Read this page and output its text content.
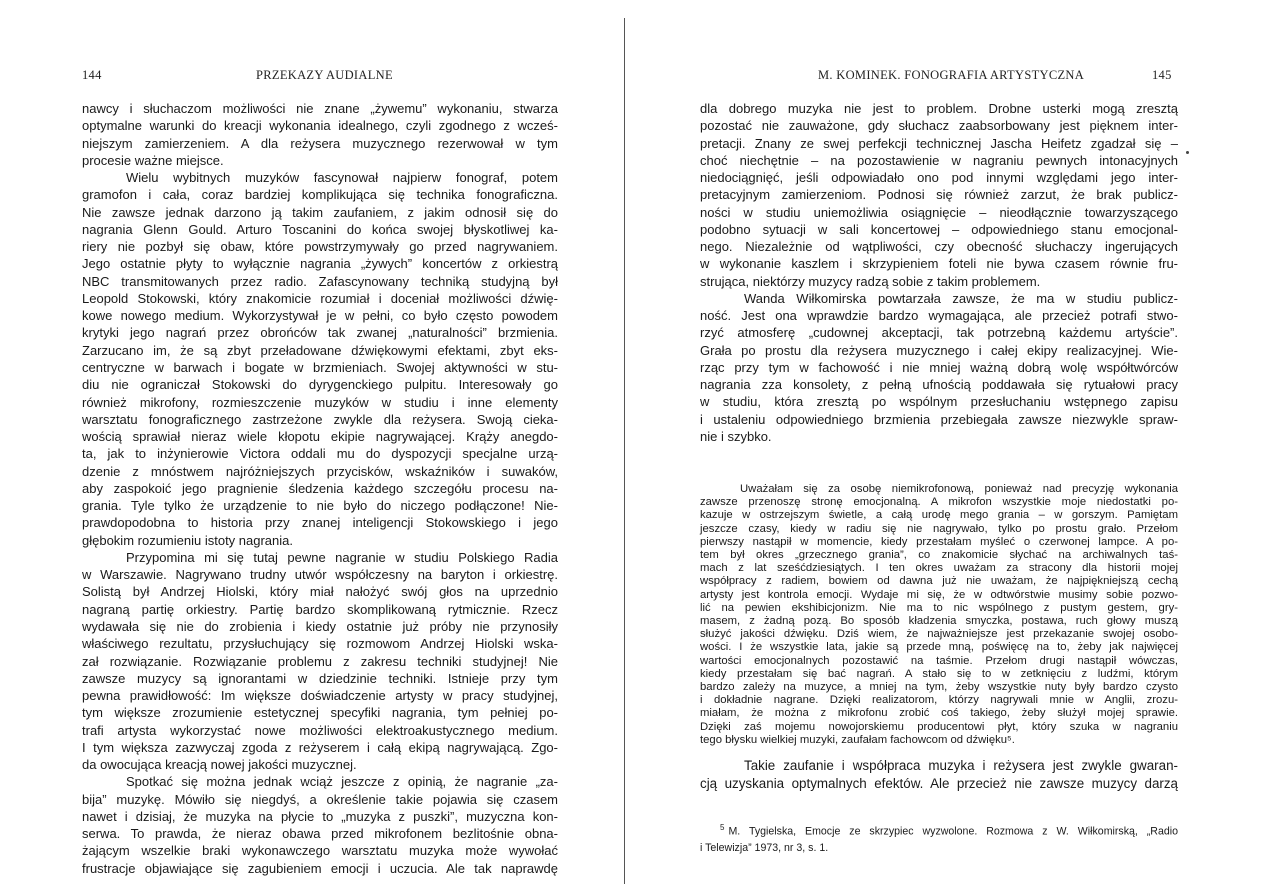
144	PRZEKAZY AUDIALNE	M. KOMINEK. FONOGRAFIA ARTYSTYCZNA	145
nawcy i słuchaczom możliwości nie znane „żywemu” wykonaniu, stwarza
optymalne warunki do kreacji wykonania idealnego, czyli zgodnego z wcześ-
niejszym zamierzeniem. A dla reżysera muzycznego rezerwował w tym
procesie ważne miejsce.
Wielu wybitnych muzyków fascynował najpierw fonograf, potem
gramofon i cała, coraz bardziej komplikująca się technika fonograficzna.
Nie zawsze jednak darzono ją takim zaufaniem, z jakim odnosił się do
nagrania Glenn Gould. Arturo Toscanini do końca swojej błyskotliwej ka-
riery nie pozbył się obaw, które powstrzymywały go przed nagrywaniem.
Jego ostatnie płyty to wyłącznie nagrania „żywych” koncertów z orkiestrą
NBC transmitowanych przez radio. Zafascynowany techniką studyjną był
Leopold Stokowski, który znakomicie rozumiał i doceniał możliwości dźwię-
kowe nowego medium. Wykorzystywał je w pełni, co było często powodem
krytyki jego nagrań przez obrońców tak zwanej „naturalności” brzmienia.
Zarzucano im, że są zbyt przeładowane dźwiękowymi efektami, zbyt eks-
centryczne w barwach i bogate w brzmieniach. Swojej aktywności w stu-
diu nie ograniczał Stokowski do dyrygenckiego pulpitu. Interesowały go
również mikrofony, rozmieszczenie muzyków w studiu i inne elementy
warsztatu fonograficznego zastrzeżone zwykle dla reżysera. Swoją cieka-
wością sprawiał nieraz wiele kłopotu ekipie nagrywającej. Krąży anegdo-
ta, jak to inżynierowie Victora oddali mu do dyspozycji specjalne urzą-
dzenie z mnóstwem najróżniejszych przycisków, wskaźników i suwaków,
aby zaspokoić jego pragnienie śledzenia każdego szczegółu procesu na-
grania. Tyle tylko że urządzenie to nie było do niczego podłączone! Nie-
prawdopodobna to historia przy znanej inteligencji Stokowskiego i jego
głębokim rozumieniu istoty nagrania.
Przypomina mi się tutaj pewne nagranie w studiu Polskiego Radia
w Warszawie. Nagrywano trudny utwór współczesny na baryton i orkiestrę.
Solistą był Andrzej Hiolski, który miał nałożyć swój głos na uprzednio
nagraną partię orkiestry. Partię bardzo skomplikowaną rytmicznie. Rzecz
wydawała się nie do zrobienia i kiedy ostatnie już próby nie przynosiły
właściwego rezultatu, przysłuchujący się rozmowom Andrzej Hiolski wska-
zał rozwiązanie. Rozwiązanie problemu z zakresu techniki studyjnej! Nie
zawsze muzycy są ignorantami w dziedzinie techniki. Istnieje przy tym
pewna prawidłowość: Im większe doświadczenie artysty w pracy studyjnej,
tym większe zrozumienie estetycznej specyfiki nagrania, tym pełniej po-
trafi artysta wykorzystać nowe możliwości elektroakustycznego medium.
I tym większa zazwyczaj zgoda z reżyserem i całą ekipą nagrywającą. Zgo-
da owocująca kreacją nowej jakości muzycznej.
Spotkać się można jednak wciąż jeszcze z opinią, że nagranie „za-
bija” muzykę. Mówiło się niegdyś, a określenie takie pojawia się czasem
nawet i dzisiaj, że muzyka na płycie to „muzyka z puszki”, muzyczna kon-
serwa. To prawda, że nieraz obawa przed mikrofonem bezlitośnie obna-
żającym wszelkie braki wykonawczego warsztatu muzyka może wywołać
frustracje objawiające się zagubieniem emocji i uczucia. Ale tak naprawdę
dla dobrego muzyka nie jest to problem. Drobne usterki mogą zresztą
pozostać nie zauważone, gdy słuchacz zaabsorbowany jest pięknem inter-
pretacji. Znany ze swej perfekcji technicznej Jascha Heifetz zgadzał się –
choć niechętnie – na pozostawienie w nagraniu pewnych intonacyjnych
niedociągnięć, jeśli odpowiadało ono pod innymi względami jego inter-
pretacyjnym zamierzeniom. Podnosi się również zarzut, że brak publicz-
ności w studiu uniemożliwia osiągnięcie – nieodłącznie towarzyszącego
podobno sytuacji w sali koncertowej – odpowiedniego stanu emocjonal-
nego. Niezależnie od wątpliwości, czy obecność słuchaczy ingerujących
w wykonanie kaszlem i skrzypieniem foteli nie bywa czasem równie fru-
strująca, niektórzy muzycy radzą sobie z takim problemem.
Wanda Wiłkomirska powtarzała zawsze, że ma w studiu publicz-
ność. Jest ona wprawdzie bardzo wymagająca, ale przecież potrafi stwo-
rzyć atmosferę „cudownej akceptacji, tak potrzebną każdemu artyście”.
Grała po prostu dla reżysera muzycznego i całej ekipy realizacyjnej. Wie-
rząc przy tym w fachowość i nie mniej ważną dobrą wolę współtwórców
nagrania zza konsolety, z pełną ufnością poddawała się rytuałowi pracy
w studiu, która zresztą po wspólnym przesłuchaniu wstępnego zapisu
i ustaleniu odpowiedniego brzmienia przebiegała zawsze niezwykle spraw-
nie i szybko.
Uważałam się za osobę niemikrofonową, ponieważ nad precyzję wykonania
zawsze przenoszę stronę emocjonalną. A mikrofon wszystkie moje niedostatki po-
kazuje w ostrzejszym świetle, a całą urodę mego grania – w gorszym. Pamiętam
jeszcze czasy, kiedy w radiu się nie nagrywało, tylko po prostu grało. Przełom
pierwszy nastąpił w momencie, kiedy przestałam myśleć o czerwonej lampce. A po-
tem był okres „grzecznego grania”, co znakomicie słychać na archiwalnych taś-
mach z lat sześćdziesiątych. I ten okres uważam za stracony dla historii mojej
współpracy z radiem, bowiem od dawna już nie uważam, że najpiękniejszą cechą
artysty jest kontrola emocji. Wydaje mi się, że w odtwórstwie musimy sobie pozwo-
lić na pewien ekshibicjonizm. Nie ma to nic wspólnego z pustym gestem, gry-
masem, z żadną pozą. Bo sposób kładzenia smyczka, postawa, ruch głowy muszą
służyć jakości dźwięku. Dziś wiem, że najważniejsze jest przekazanie swojej osobo-
wości. I że wszystkie lata, jakie są przede mną, poświęcę na to, żeby jak najwięcej
wartości emocjonalnych pozostawić na taśmie. Przełom drugi nastąpił wówczas,
kiedy przestałam się bać nagrań. A stało się to w zetknięciu z ludźmi, którym
bardzo zależy na muzyce, a mniej na tym, żeby wszystkie nuty były bardzo czysto
i dokładnie nagrane. Dzięki realizatorom, którzy nagrywali mnie w Anglii, zrozu-
miałam, że można z mikrofonu zrobić coś takiego, żeby służył mojej sprawie.
Dzięki zaś mojemu nowojorskiemu producentowi płyt, który szuka w nagraniu
tego błysku wielkiej muzyki, zaufałam fachowcom od dźwięku⁵.
Takie zaufanie i współpraca muzyka i reżysera jest zwykle gwaran-
cją uzyskania optymalnych efektów. Ale przecież nie zawsze muzycy darzą
$^5$ M. Tygielska, Emocje ze skrzypiec wyzwolone. Rozmowa z W. Wiłkomirską, „Radio
i Telewizja” 1973, nr 3, s. 1.
